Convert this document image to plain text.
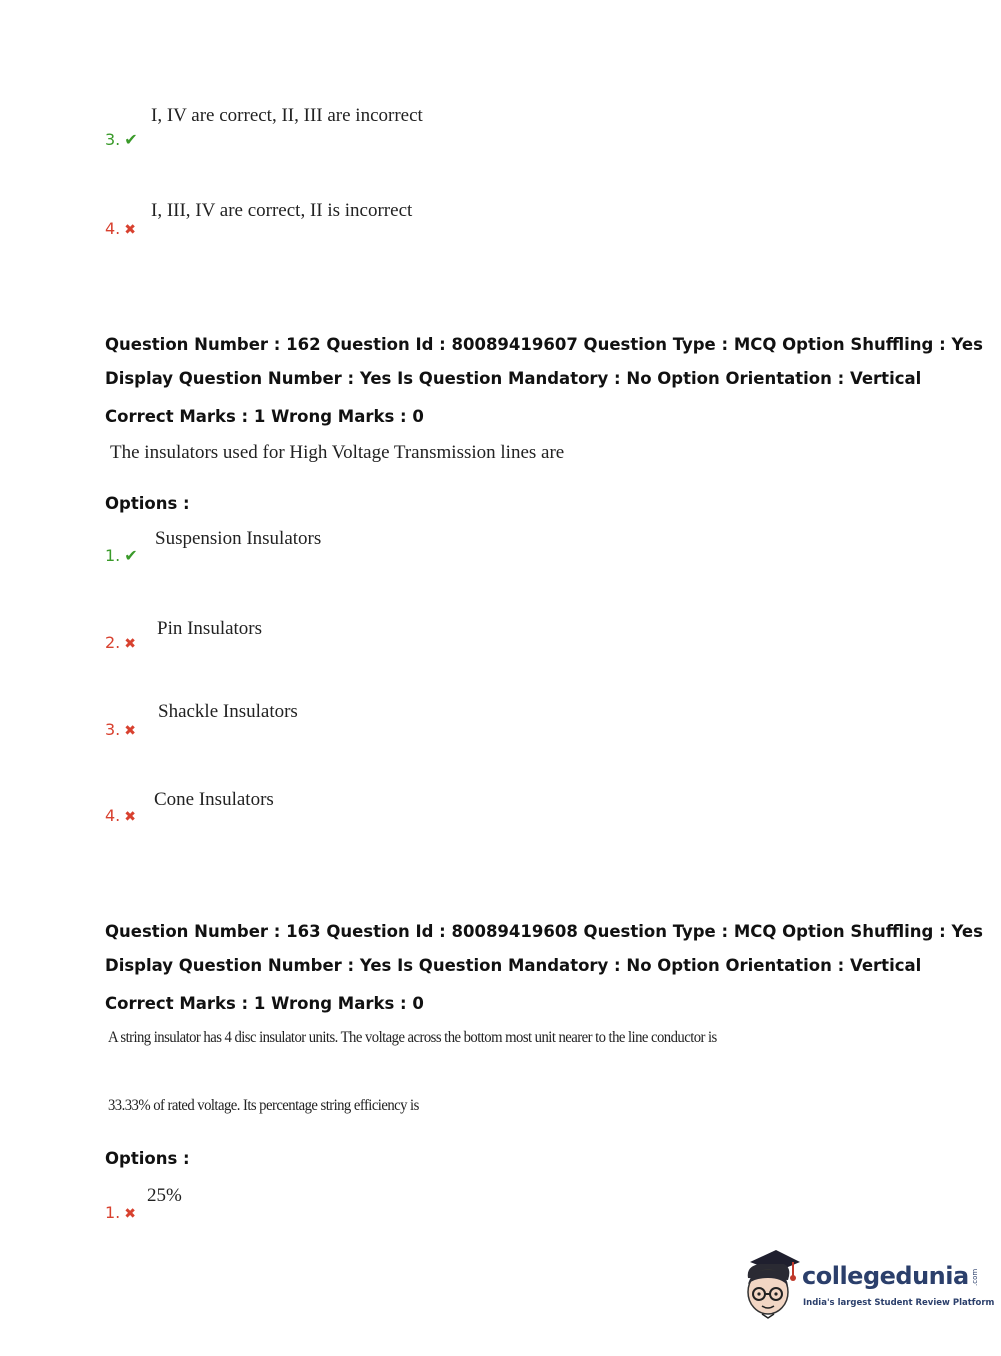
I, IV are correct, II, III are incorrect
3. ✔
I, III, IV are correct, II is incorrect
4. ✖
Question Number : 162 Question Id : 80089419607 Question Type : MCQ Option Shuffling : Yes
Display Question Number : Yes Is Question Mandatory : No Option Orientation : Vertical
Correct Marks : 1 Wrong Marks : 0
The insulators used for High Voltage Transmission lines are
Options :
Suspension Insulators
1. ✔
Pin Insulators
2. ✖
Shackle Insulators
3. ✖
Cone Insulators
4. ✖
Question Number : 163 Question Id : 80089419608 Question Type : MCQ Option Shuffling : Yes
Display Question Number : Yes Is Question Mandatory : No Option Orientation : Vertical
Correct Marks : 1 Wrong Marks : 0
A string insulator has 4 disc insulator units. The voltage across the bottom most unit nearer to the line conductor is
33.33% of rated voltage. Its percentage string efficiency is
Options :
25%
1. ✖
collegedunia .com
India's largest Student Review Platform
